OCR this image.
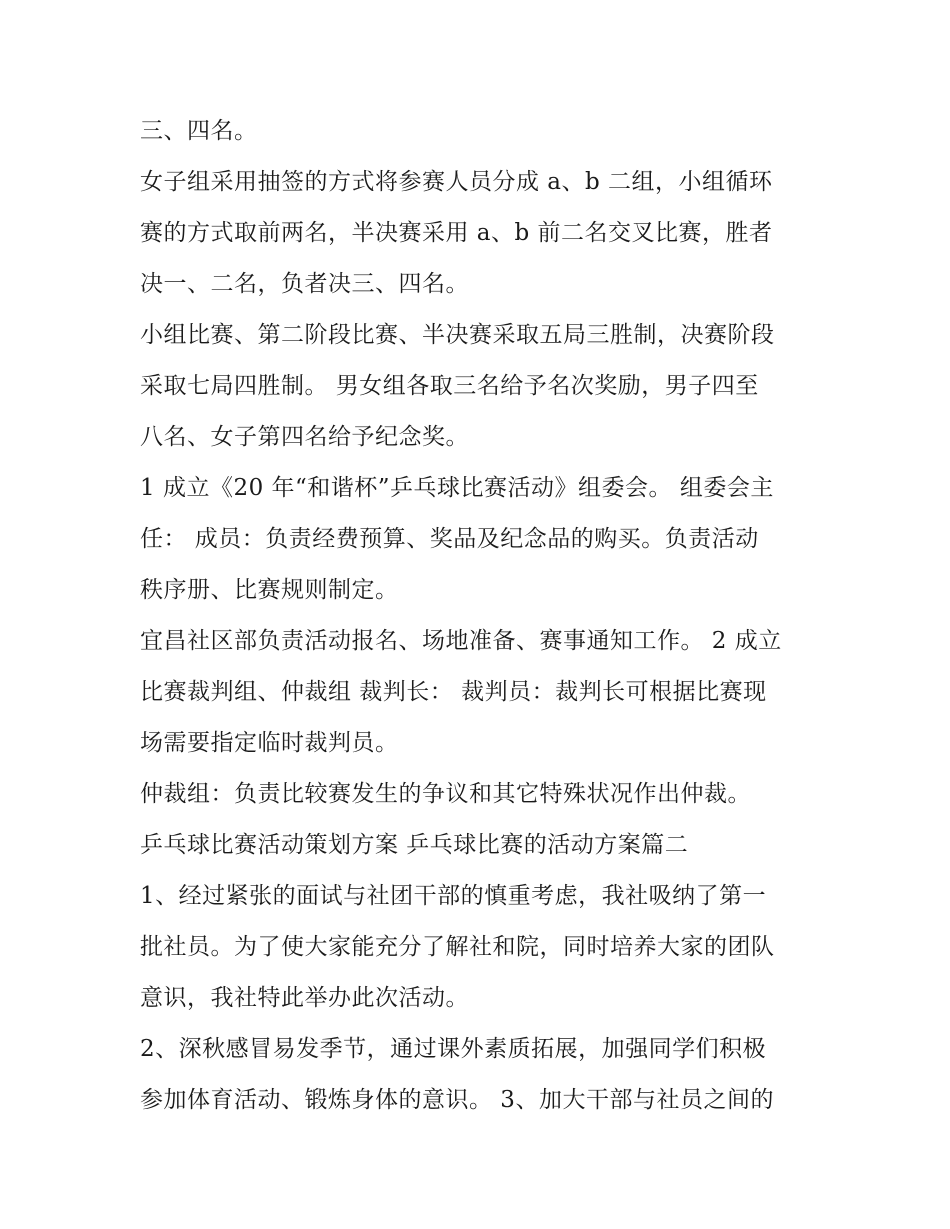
三、四名。
女子组采用抽签的方式将参赛人员分成 a、b 二组，小组循环
赛的方式取前两名，半决赛采用 a、b 前二名交叉比赛，胜者
决一、二名，负者决三、四名。
小组比赛、第二阶段比赛、半决赛采取五局三胜制，决赛阶段
采取七局四胜制。 男女组各取三名给予名次奖励，男子四至
八名、女子第四名给予纪念奖。
1 成立《20 年“和谐杯”乒乓球比赛活动》组委会。 组委会主
任： 成员：负责经费预算、奖品及纪念品的购买。负责活动
秩序册、比赛规则制定。
宜昌社区部负责活动报名、场地准备、赛事通知工作。 2 成立
比赛裁判组、仲裁组 裁判长： 裁判员：裁判长可根据比赛现
场需要指定临时裁判员。
仲裁组：负责比较赛发生的争议和其它特殊状况作出仲裁。
乒乓球比赛活动策划方案 乒乓球比赛的活动方案篇二
1、经过紧张的面试与社团干部的慎重考虑，我社吸纳了第一
批社员。为了使大家能充分了解社和院，同时培养大家的团队
意识，我社特此举办此次活动。
2、深秋感冒易发季节，通过课外素质拓展，加强同学们积极
参加体育活动、锻炼身体的意识。 3、加大干部与社员之间的
